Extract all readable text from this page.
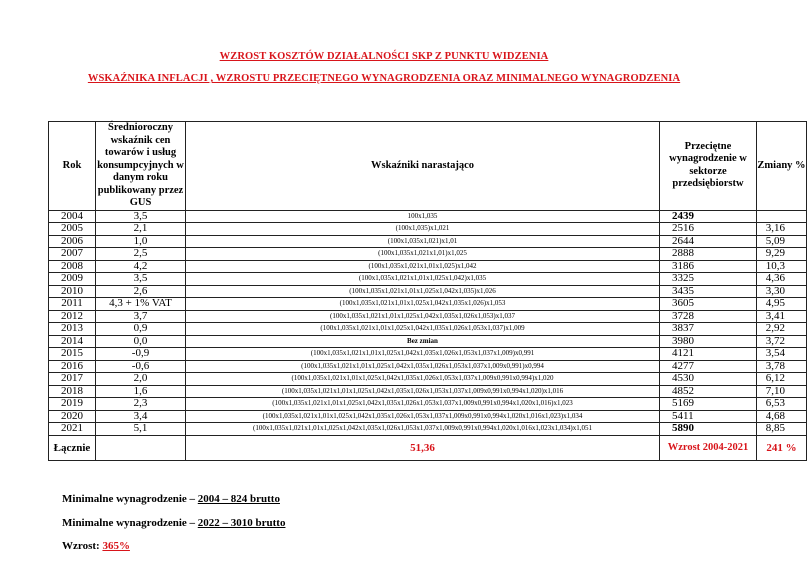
WZROST KOSZTÓW DZIAŁALNOŚCI SKP Z PUNKTU WIDZENIA
WSKAŹNIKA INFLACJI , WZROSTU PRZECIĘTNEGO WYNAGRODZENIA ORAZ MINIMALNEGO WYNAGRODZENIA
Rok	Średnioroczny wskaźnik cen towarów i usług konsumpcyjnych w danym roku publikowany przez GUS	Wskaźniki narastająco	Przeciętne wynagrodzenie w sektorze przedsiębiorstw	Zmiany %
2004	3,5	100x1,035	2439	
2005	2,1	(100x1,035)x1,021	2516	3,16
2006	1,0	(100x1,035x1,021)x1,01	2644	5,09
2007	2,5	(100x1,035x1,021x1,01)x1,025	2888	9,29
2008	4,2	(100x1,035x1,021x1,01x1,025)x1,042	3186	10,3
2009	3,5	(100x1,035x1,021x1,01x1,025x1,042)x1,035	3325	4,36
2010	2,6	(100x1,035x1,021x1,01x1,025x1,042x1,035)x1,026	3435	3,30
2011	4,3 + 1% VAT	(100x1,035x1,021x1,01x1,025x1,042x1,035x1,026)x1,053	3605	4,95
2012	3,7	(100x1,035x1,021x1,01x1,025x1,042x1,035x1,026x1,053)x1,037	3728	3,41
2013	0,9	(100x1,035x1,021x1,01x1,025x1,042x1,035x1,026x1,053x1,037)x1,009	3837	2,92
2014	0,0	Bez zmian	3980	3,72
2015	-0,9	(100x1,035x1,021x1,01x1,025x1,042x1,035x1,026x1,053x1,037x1,009)x0,991	4121	3,54
2016	-0,6	(100x1,035x1,021x1,01x1,025x1,042x1,035x1,026x1,053x1,037x1,009x0,991)x0,994	4277	3,78
2017	2,0	(100x1,035x1,021x1,01x1,025x1,042x1,035x1,026x1,053x1,037x1,009x0,991x0,994)x1,020	4530	6,12
2018	1,6	(100x1,035x1,021x1,01x1,025x1,042x1,035x1,026x1,053x1,037x1,009x0,991x0,994x1,020)x1,016	4852	7,10
2019	2,3	(100x1,035x1,021x1,01x1,025x1,042x1,035x1,026x1,053x1,037x1,009x0,991x0,994x1,020x1,016)x1,023	5169	6,53
2020	3,4	(100x1,035x1,021x1,01x1,025x1,042x1,035x1,026x1,053x1,037x1,009x0,991x0,994x1,020x1,016x1,023)x1,034	5411	4,68
2021	5,1	(100x1,035x1,021x1,01x1,025x1,042x1,035x1,026x1,053x1,037x1,009x0,991x0,994x1,020x1,016x1,023x1,034)x1,051	5890	8,85
Łącznie		51,36	Wzrost 2004-2021	241 %
Minimalne wynagrodzenie – 2004 – 824 brutto
Minimalne wynagrodzenie – 2022 – 3010 brutto
Wzrost: 365%
